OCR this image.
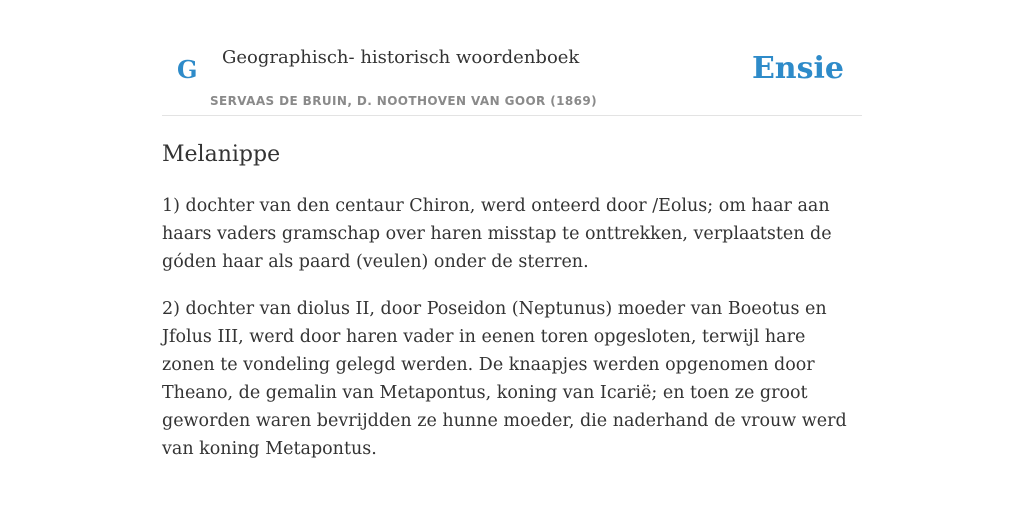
G Geographisch- historisch woordenboek
SERVAAS DE BRUIN, D. NOOTHOVEN VAN GOOR (1869)
Ensie
Melanippe

1) dochter van den centaur Chiron, werd onteerd door /Eolus; om haar aan haars vaders gramschap over haren misstap te onttrekken, verplaatsten de góden haar als paard (veulen) onder de sterren.

2) dochter van diolus II, door Poseidon (Neptunus) moeder van Boeotus en Jfolus III, werd door haren vader in eenen toren opgesloten, terwijl hare zonen te vondeling gelegd werden. De knaapjes werden opgenomen door Theano, de gemalin van Metapontus, koning van Icarië; en toen ze groot geworden waren bevrijdden ze hunne moeder, die naderhand de vrouw werd van koning Metapontus.
